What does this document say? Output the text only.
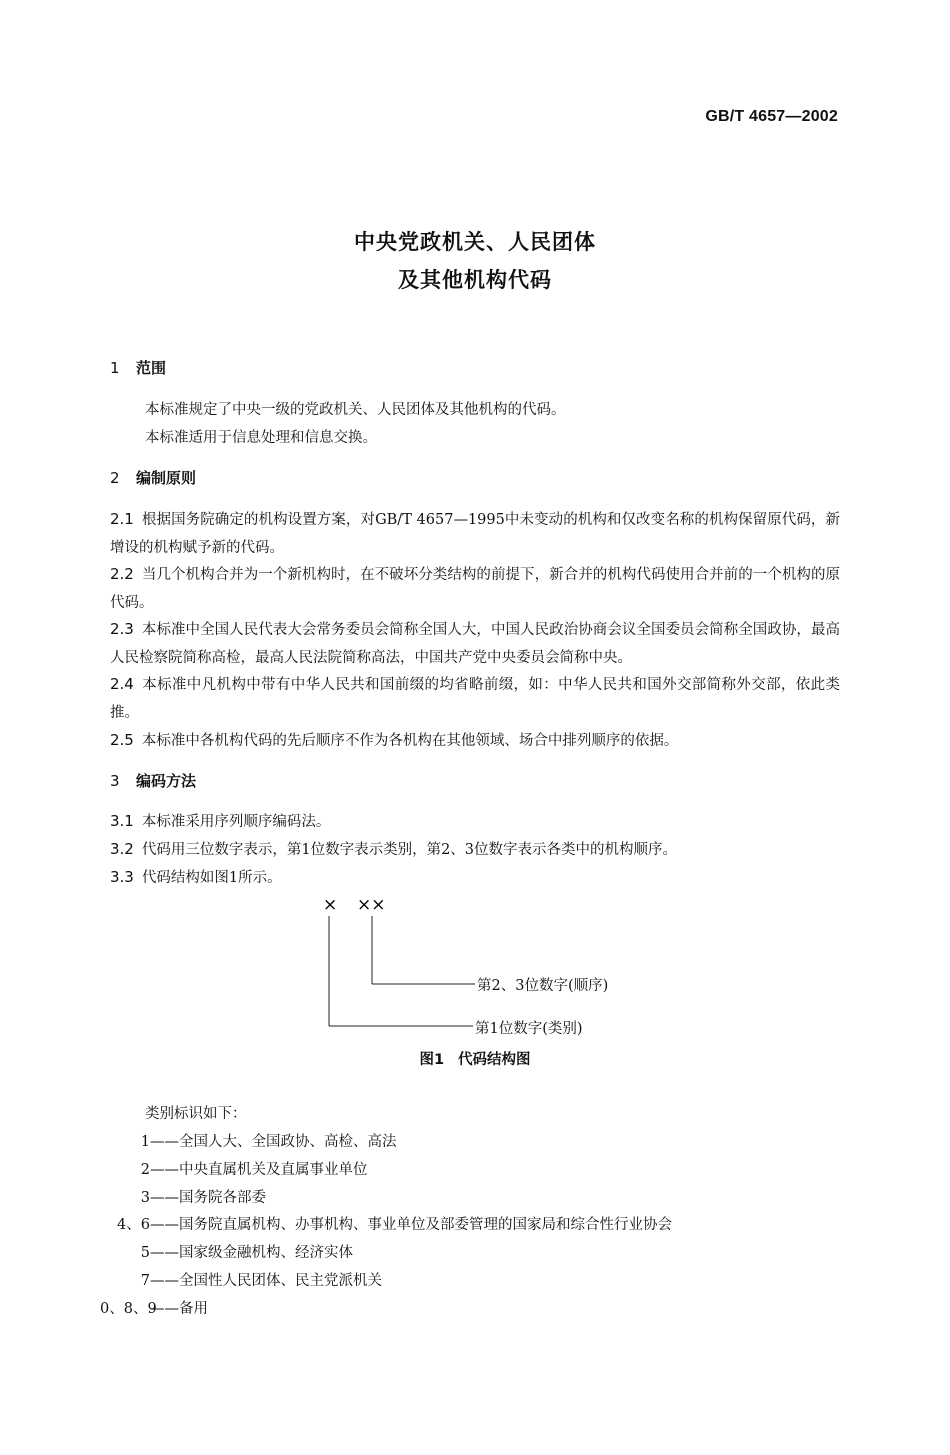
GB/T 4657—2002
中央党政机关、人民团体
及其他机构代码
1 范围
本标准规定了中央一级的党政机关、人民团体及其他机构的代码。
本标准适用于信息处理和信息交换。
2 编制原则
2.1 根据国务院确定的机构设置方案，对GB/T 4657—1995中未变动的机构和仅改变名称的机构保留原代码，新增设的机构赋予新的代码。
2.2 当几个机构合并为一个新机构时，在不破坏分类结构的前提下，新合并的机构代码使用合并前的一个机构的原代码。
2.3 本标准中全国人民代表大会常务委员会简称全国人大，中国人民政治协商会议全国委员会简称全国政协，最高人民检察院简称高检，最高人民法院简称高法，中国共产党中央委员会简称中央。
2.4 本标准中凡机构中带有中华人民共和国前缀的均省略前缀，如：中华人民共和国外交部简称外交部，依此类推。
2.5 本标准中各机构代码的先后顺序不作为各机构在其他领域、场合中排列顺序的依据。
3 编码方法
3.1 本标准采用序列顺序编码法。
3.2 代码用三位数字表示，第1位数字表示类别，第2、3位数字表示各类中的机构顺序。
3.3 代码结构如图1所示。
× ××
第2、3位数字(顺序)
第1位数字(类别)
图1 代码结构图
类别标识如下：
1——全国人大、全国政协、高检、高法
2——中央直属机关及直属事业单位
3——国务院各部委
4、6——国务院直属机构、办事机构、事业单位及部委管理的国家局和综合性行业协会
5——国家级金融机构、经济实体
7——全国性人民团体、民主党派机关
0、8、9——备用
